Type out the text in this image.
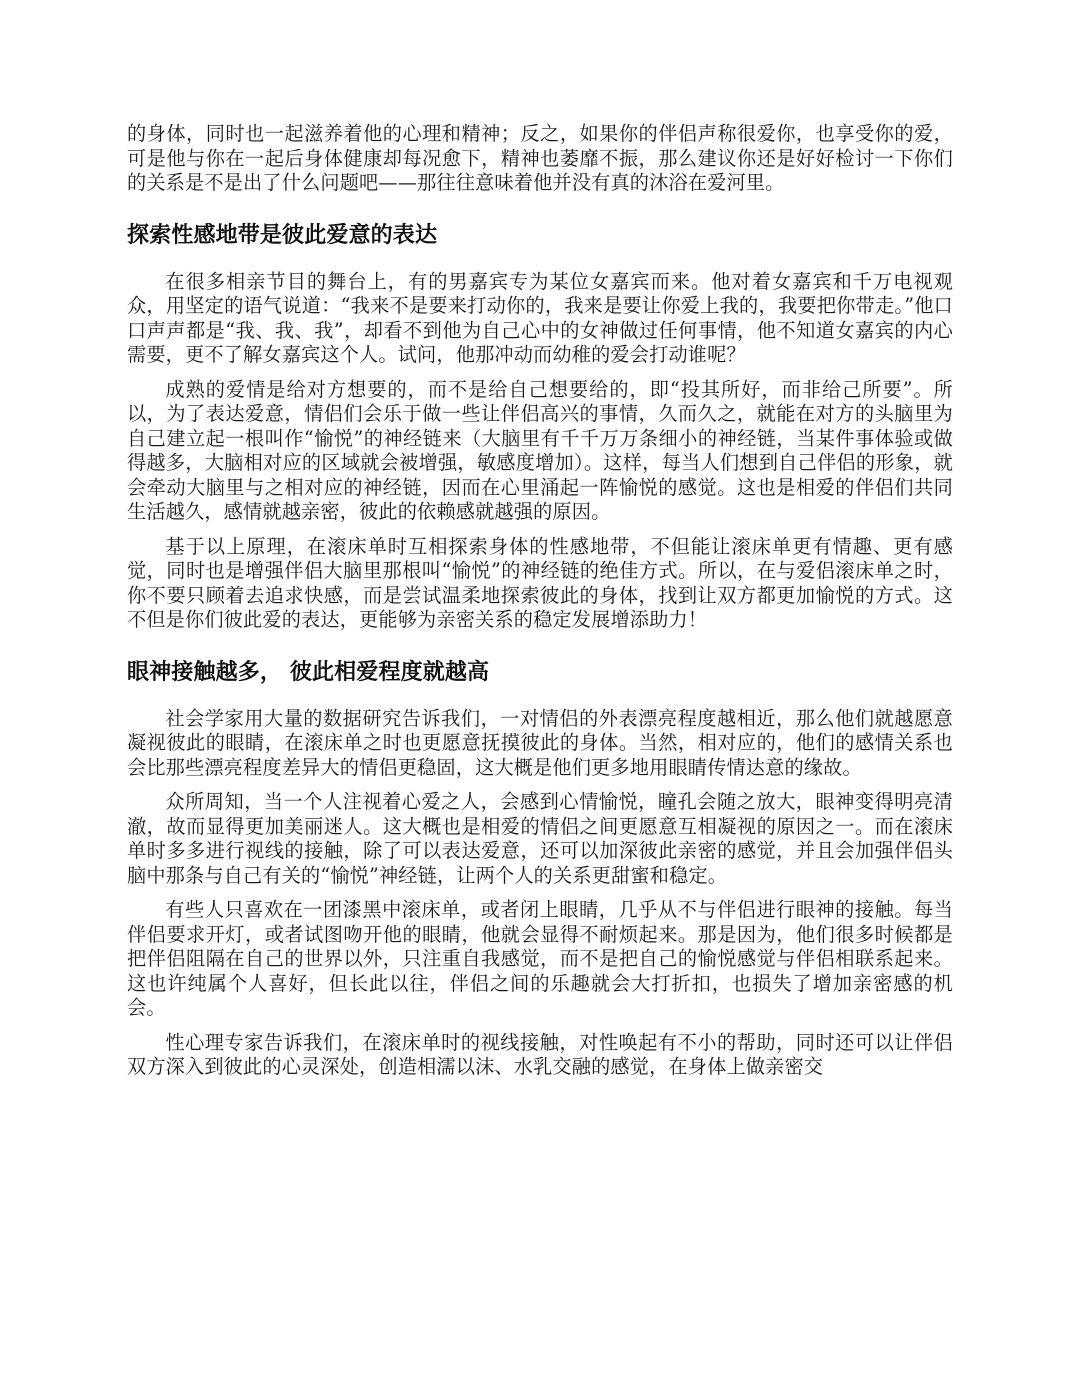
的身体，同时也一起滋养着他的心理和精神；反之，如果你的伴侣声称很爱你，也享受你的爱，可是他与你在一起后身体健康却每况愈下，精神也萎靡不振，那么建议你还是好好检讨一下你们的关系是不是出了什么问题吧——那往往意味着他并没有真的沐浴在爱河里。

探索性感地带是彼此爱意的表达

在很多相亲节目的舞台上，有的男嘉宾专为某位女嘉宾而来。他对着女嘉宾和千万电视观众，用坚定的语气说道：“我来不是要来打动你的，我来是要让你爱上我的，我要把你带走。”他口口声声都是“我、我、我”，却看不到他为自己心中的女神做过任何事情，他不知道女嘉宾的内心需要，更不了解女嘉宾这个人。试问，他那冲动而幼稚的爱会打动谁呢？

成熟的爱情是给对方想要的，而不是给自己想要给的，即“投其所好，而非给己所要”。所以，为了表达爱意，情侣们会乐于做一些让伴侣高兴的事情，久而久之，就能在对方的头脑里为自己建立起一根叫作“愉悦”的神经链来（大脑里有千千万万条细小的神经链，当某件事体验或做得越多，大脑相对应的区域就会被增强，敏感度增加）。这样，每当人们想到自己伴侣的形象，就会牵动大脑里与之相对应的神经链，因而在心里涌起一阵愉悦的感觉。这也是相爱的伴侣们共同生活越久，感情就越亲密，彼此的依赖感就越强的原因。

基于以上原理，在滚床单时互相探索身体的性感地带，不但能让滚床单更有情趣、更有感觉，同时也是增强伴侣大脑里那根叫“愉悦”的神经链的绝佳方式。所以，在与爱侣滚床单之时，你不要只顾着去追求快感，而是尝试温柔地探索彼此的身体，找到让双方都更加愉悦的方式。这不但是你们彼此爱的表达，更能够为亲密关系的稳定发展增添助力！

眼神接触越多， 彼此相爱程度就越高

社会学家用大量的数据研究告诉我们，一对情侣的外表漂亮程度越相近，那么他们就越愿意凝视彼此的眼睛，在滚床单之时也更愿意抚摸彼此的身体。当然，相对应的，他们的感情关系也会比那些漂亮程度差异大的情侣更稳固，这大概是他们更多地用眼睛传情达意的缘故。

众所周知，当一个人注视着心爱之人，会感到心情愉悦，瞳孔会随之放大，眼神变得明亮清澈，故而显得更加美丽迷人。这大概也是相爱的情侣之间更愿意互相凝视的原因之一。而在滚床单时多多进行视线的接触，除了可以表达爱意，还可以加深彼此亲密的感觉，并且会加强伴侣头脑中那条与自己有关的“愉悦”神经链，让两个人的关系更甜蜜和稳定。

有些人只喜欢在一团漆黑中滚床单，或者闭上眼睛，几乎从不与伴侣进行眼神的接触。每当伴侣要求开灯，或者试图吻开他的眼睛，他就会显得不耐烦起来。那是因为，他们很多时候都是把伴侣阻隔在自己的世界以外，只注重自我感觉，而不是把自己的愉悦感觉与伴侣相联系起来。这也许纯属个人喜好，但长此以往，伴侣之间的乐趣就会大打折扣，也损失了增加亲密感的机会。

性心理专家告诉我们，在滚床单时的视线接触，对性唤起有不小的帮助，同时还可以让伴侣双方深入到彼此的心灵深处，创造相濡以沫、水乳交融的感觉，在身体上做亲密交
